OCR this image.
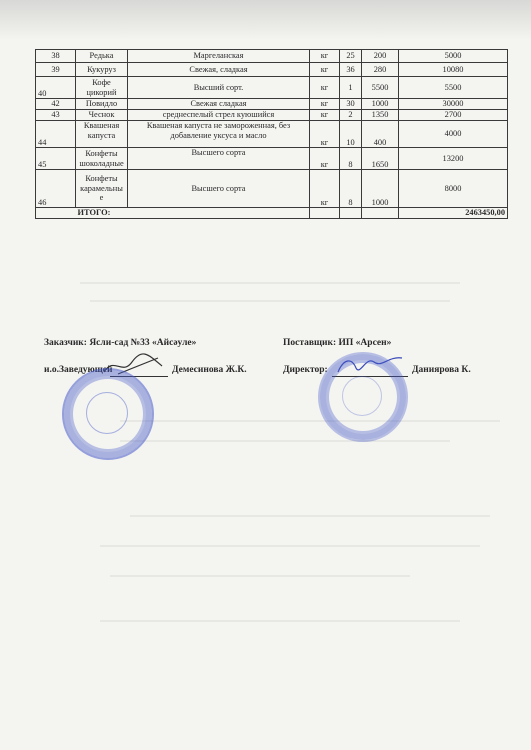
38	Редька	Маргеланская	кг	25	200	5000
39	Кукуруз	Свежая, сладкая	кг	36	280	10080
40	Кофе цикорий	Высший сорт.	кг	1	5500	5500
42	Повидло	Свежая сладкая	кг	30	1000	30000
43	Чеснок	среднеспелый стрел куюшийся	кг	2	1350	2700
44	Квашеная капуста	Квашеная капуста не замороженная, без добавление уксуса и масло	кг	10	400	4000
45	Конфеты шоколадные	Высшего сорта	кг	8	1650	13200
46	Конфеты карамельны е	Высшего сорта	кг	8	1000	8000
	ИТОГО:					2463450,00
Заказчик: Ясли-сад №33 «Айсәуле»
и.о.Заведующей	Демесинова Ж.К.
Поставщик: ИП «Арсен»
Директор:	Даниярова К.
